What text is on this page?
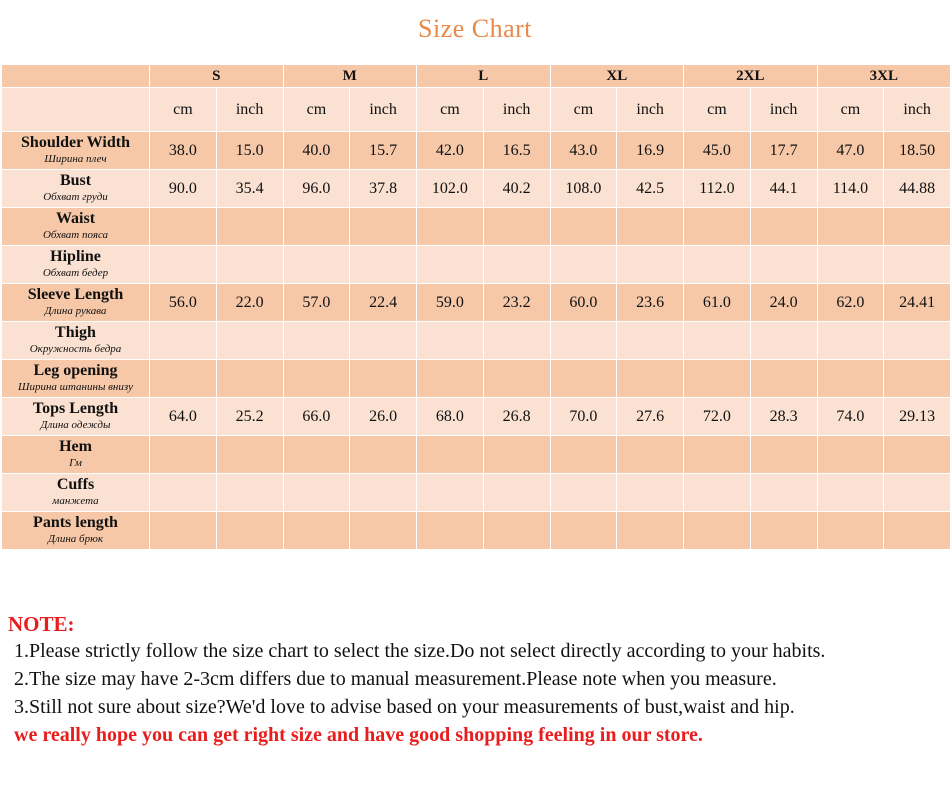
Size Chart
	S		M		L		XL		2XL		3XL	
	cm	inch	cm	inch	cm	inch	cm	inch	cm	inch	cm	inch

Shoulder Width
Ширина плеч	38.0	15.0	40.0	15.7	42.0	16.5	43.0	16.9	45.0	17.7	47.0	18.50

Bust
Обхват груди	90.0	35.4	96.0	37.8	102.0	40.2	108.0	42.5	112.0	44.1	114.0	44.88

Waist
Обхват пояса												

Hipline
Обхват бедер												

Sleeve Length
Длина рукава	56.0	22.0	57.0	22.4	59.0	23.2	60.0	23.6	61.0	24.0	62.0	24.41

Thigh
Окружность бедра												

Leg opening
Ширина штанины внизу												

Tops Length
Длина одежды	64.0	25.2	66.0	26.0	68.0	26.8	70.0	27.6	72.0	28.3	74.0	29.13

Hem
Гм												

Cuffs
манжета												

Pants length
Длина брюк												

NOTE:
1.Please strictly follow the size chart to select the size.Do not select directly according to your habits.
2.The size may have 2-3cm differs due to manual measurement.Please note when you measure.
3.Still not sure about size?We'd love to advise based on your measurements of bust,waist and hip.
we really hope you can get right size and have good shopping feeling in our store.
